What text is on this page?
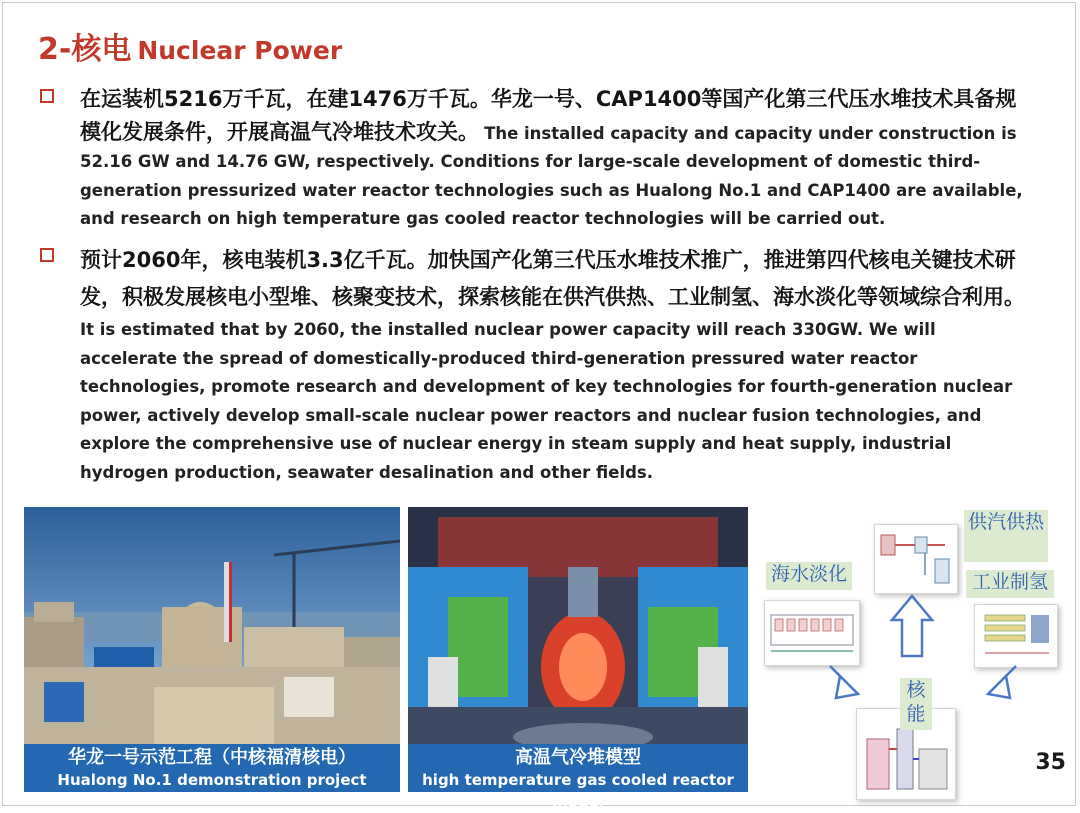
2-核电 Nuclear Power
在运装机5216万千瓦，在建1476万千瓦。华龙一号、CAP1400等国产化第三代压水堆技术具备规模化发展条件，开展高温气冷堆技术攻关。 The installed capacity and capacity under construction is 52.16 GW and 14.76 GW, respectively. Conditions for large-scale development of domestic third-generation pressurized water reactor technologies such as Hualong No.1 and CAP1400 are available, and research on high temperature gas cooled reactor technologies will be carried out.
预计2060年，核电装机3.3亿千瓦。加快国产化第三代压水堆技术推广，推进第四代核电关键技术研发，积极发展核电小型堆、核聚变技术，探索核能在供汽供热、工业制氢、海水淡化等领域综合利用。 It is estimated that by 2060, the installed nuclear power capacity will reach 330GW. We will accelerate the spread of domestically-produced third-generation pressured water reactor technologies, promote research and development of key technologies for fourth-generation nuclear power, actively develop small-scale nuclear power reactors and nuclear fusion technologies, and explore the comprehensive use of nuclear energy in steam supply and heat supply, industrial hydrogen production, seawater desalination and other fields.
华龙一号示范工程（中核福清核电）
Hualong No.1 demonstration project
高温气冷堆模型
high temperature gas cooled reactor model
供汽供热
海水淡化	工业制氢
核能
35
